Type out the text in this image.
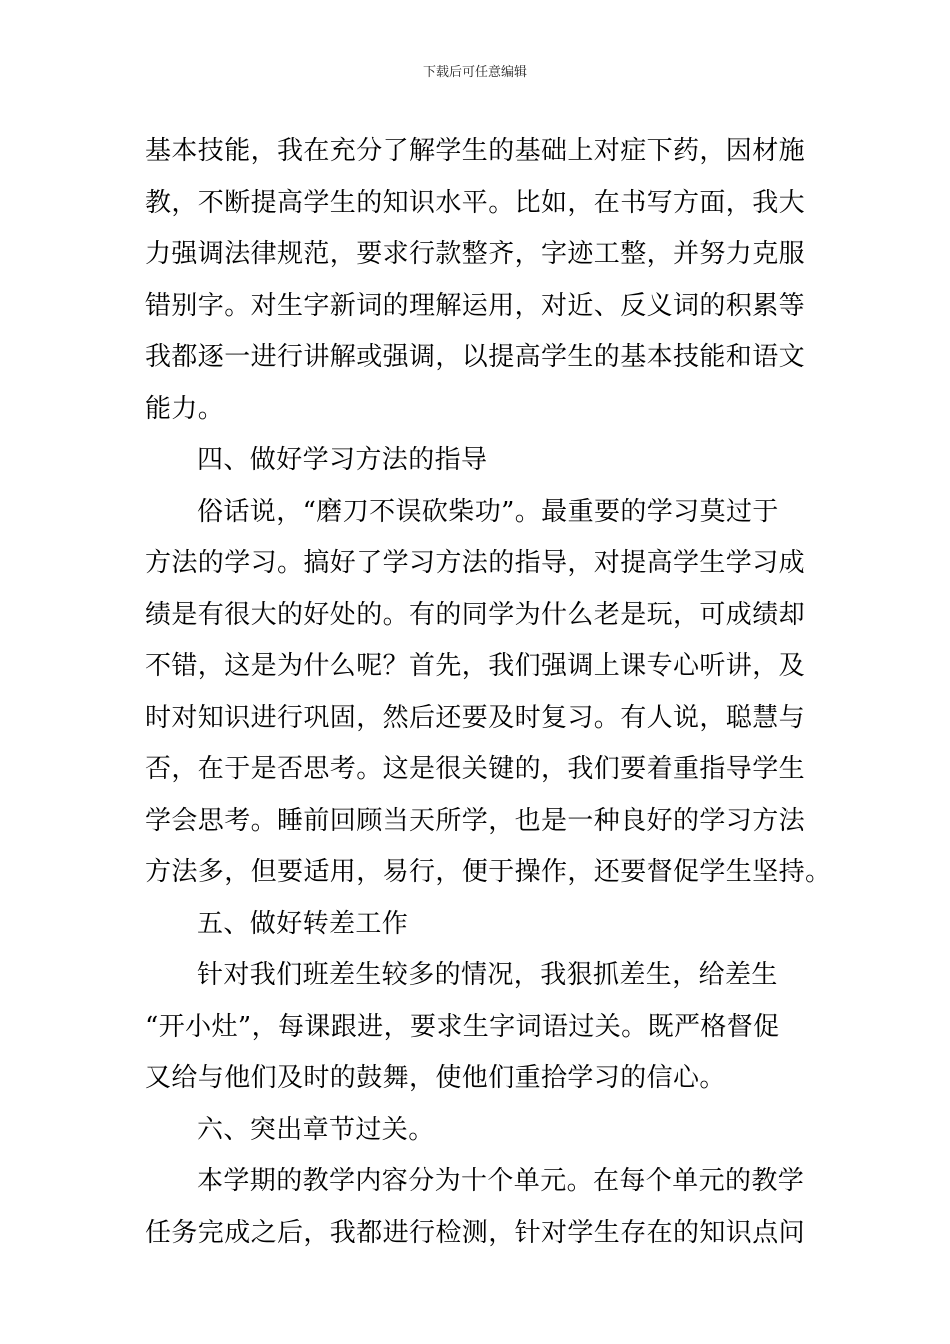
下载后可任意编辑
基本技能，我在充分了解学生的基础上对症下药，因材施
教，不断提高学生的知识水平。比如，在书写方面，我大
力强调法律规范，要求行款整齐，字迹工整，并努力克服
错别字。对生字新词的理解运用，对近、反义词的积累等
我都逐一进行讲解或强调，以提高学生的基本技能和语文
能力。
四、做好学习方法的指导
俗话说，“磨刀不误砍柴功”。最重要的学习莫过于
方法的学习。搞好了学习方法的指导，对提高学生学习成
绩是有很大的好处的。有的同学为什么老是玩，可成绩却
不错，这是为什么呢？首先，我们强调上课专心听讲，及
时对知识进行巩固，然后还要及时复习。有人说，聪慧与
否，在于是否思考。这是很关键的，我们要着重指导学生
学会思考。睡前回顾当天所学，也是一种良好的学习方法
方法多，但要适用，易行，便于操作，还要督促学生坚持。
五、做好转差工作
针对我们班差生较多的情况，我狠抓差生，给差生
“开小灶”，每课跟进，要求生字词语过关。既严格督促
又给与他们及时的鼓舞，使他们重拾学习的信心。
六、突出章节过关。
本学期的教学内容分为十个单元。在每个单元的教学
任务完成之后，我都进行检测，针对学生存在的知识点问
